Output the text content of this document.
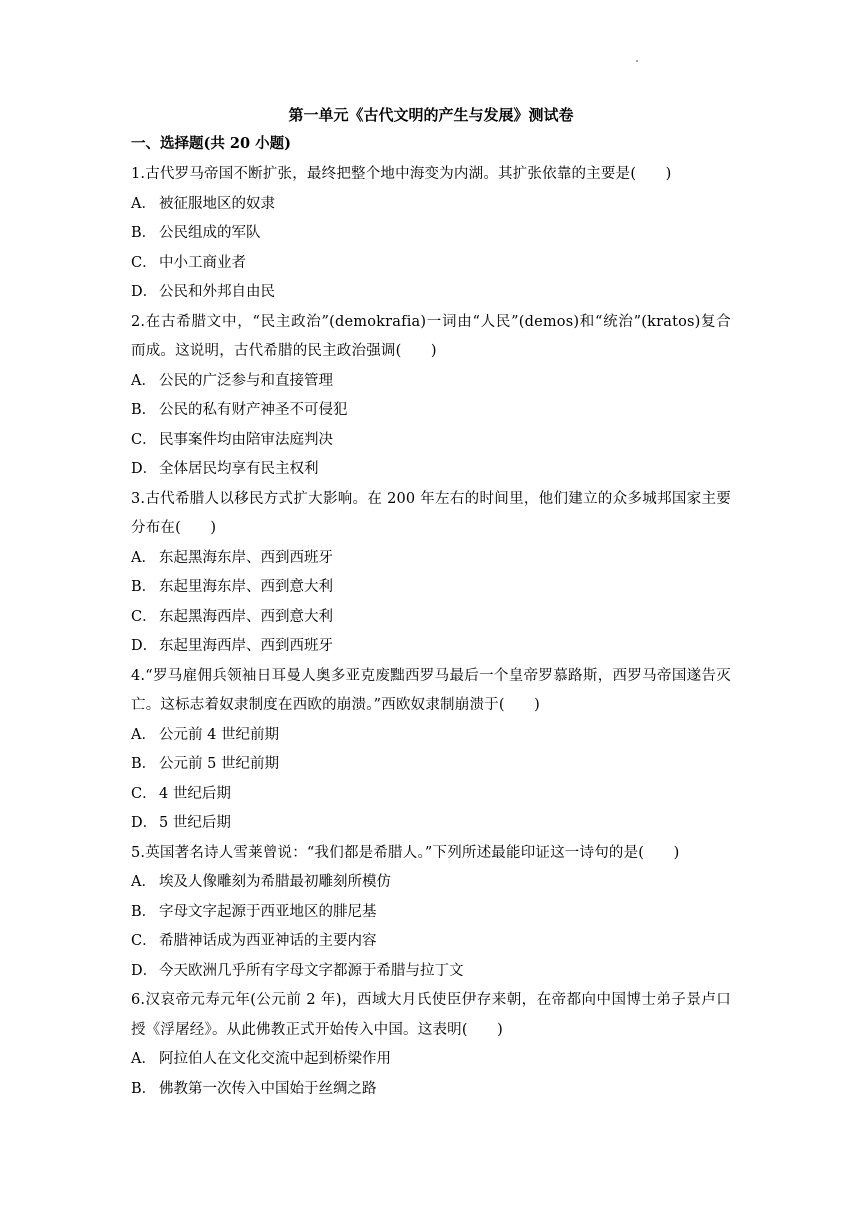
第一单元《古代文明的产生与发展》测试卷
一、选择题(共 20 小题)
1.古代罗马帝国不断扩张，最终把整个地中海变为内湖。其扩张依靠的主要是(　　)
A． 被征服地区的奴隶
B． 公民组成的军队
C． 中小工商业者
D． 公民和外邦自由民
2.在古希腊文中，“民主政治”(demokrafia)一词由“人民”(demos)和“统治”(kratos)复合而成。这说明，古代希腊的民主政治强调(　　)
A． 公民的广泛参与和直接管理
B． 公民的私有财产神圣不可侵犯
C． 民事案件均由陪审法庭判决
D． 全体居民均享有民主权利
3.古代希腊人以移民方式扩大影响。在 200 年左右的时间里，他们建立的众多城邦国家主要分布在(　　)
A． 东起黑海东岸、西到西班牙
B． 东起里海东岸、西到意大利
C． 东起黑海西岸、西到意大利
D． 东起里海西岸、西到西班牙
4.“罗马雇佣兵领袖日耳曼人奥多亚克废黜西罗马最后一个皇帝罗慕路斯，西罗马帝国遂告灭亡。这标志着奴隶制度在西欧的崩溃。”西欧奴隶制崩溃于(　　)
A． 公元前 4 世纪前期
B． 公元前 5 世纪前期
C． 4 世纪后期
D． 5 世纪后期
5.英国著名诗人雪莱曾说：“我们都是希腊人。”下列所述最能印证这一诗句的是(　　)
A． 埃及人像雕刻为希腊最初雕刻所模仿
B． 字母文字起源于西亚地区的腓尼基
C． 希腊神话成为西亚神话的主要内容
D． 今天欧洲几乎所有字母文字都源于希腊与拉丁文
6.汉哀帝元寿元年(公元前 2 年)，西域大月氏使臣伊存来朝，在帝都向中国博士弟子景卢口授《浮屠经》。从此佛教正式开始传入中国。这表明(　　)
A． 阿拉伯人在文化交流中起到桥梁作用
B． 佛教第一次传入中国始于丝绸之路
